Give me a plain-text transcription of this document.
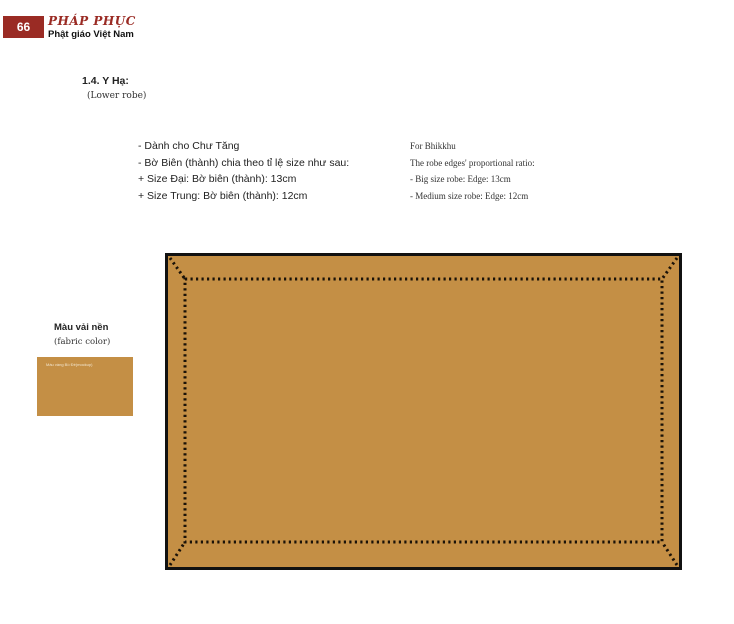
66 PHÁP PHỤC
Phật giáo Việt Nam
1.4. Y Hạ:
(Lower robe)
- Dành cho Chư Tăng
- Bờ Biên (thành) chia theo tỉ lệ size như sau:
+ Size Đại: Bờ biên (thành): 13cm
+ Size Trung: Bờ biên (thành): 12cm
For Bhikkhu
The robe edges' proportional ratio:
- Big size robe: Edge: 13cm
- Medium size robe: Edge: 12cm
Màu vải nền
(fabric color)
Màu vàng Bồ Đề(mockup)
